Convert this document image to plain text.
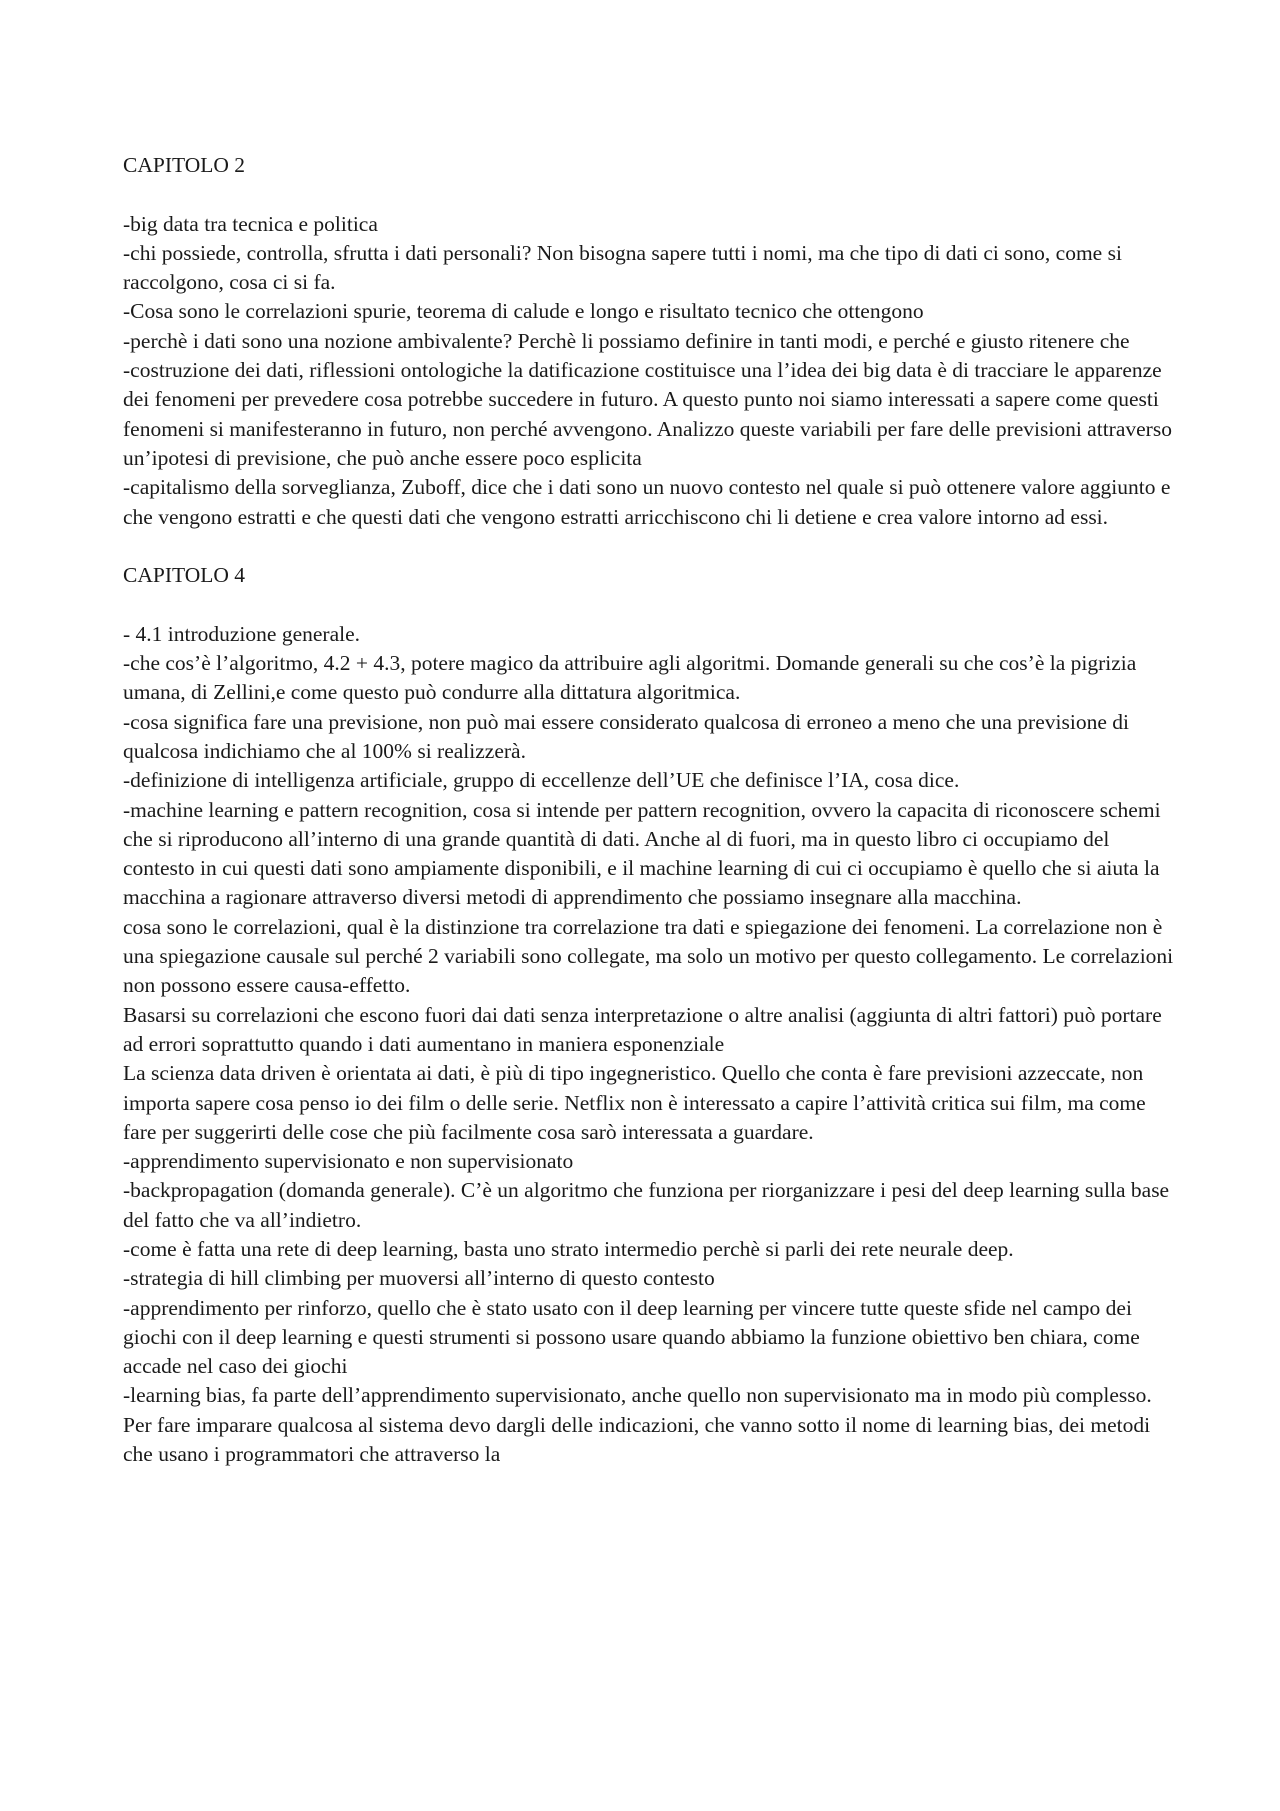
CAPITOLO 2

-big data tra tecnica e politica

-chi possiede, controlla, sfrutta i dati personali? Non bisogna sapere tutti i nomi, ma che tipo di dati ci sono, come si raccolgono, cosa ci si fa.

-Cosa sono le correlazioni spurie, teorema di calude e longo e risultato tecnico che ottengono

-perchè i dati sono una nozione ambivalente? Perchè li possiamo definire in tanti modi, e perché e giusto ritenere che

-costruzione dei dati, riflessioni ontologiche la datificazione costituisce una l’idea dei big data è di tracciare le apparenze dei fenomeni per prevedere cosa potrebbe succedere in futuro. A questo punto noi siamo interessati a sapere come questi fenomeni si manifesteranno in futuro, non perché avvengono. Analizzo queste variabili per fare delle previsioni attraverso un’ipotesi di previsione, che può anche essere poco esplicita

-capitalismo della sorveglianza, Zuboff, dice che i dati sono un nuovo contesto nel quale si può ottenere valore aggiunto e che vengono estratti e che questi dati che vengono estratti arricchiscono chi li detiene e crea valore intorno ad essi.

CAPITOLO 4

- 4.1 introduzione generale.

-che cos’è l’algoritmo, 4.2 + 4.3, potere magico da attribuire agli algoritmi. Domande generali su che cos’è la pigrizia umana, di Zellini,e come questo può condurre alla dittatura algoritmica.

-cosa significa fare una previsione, non può mai essere considerato qualcosa di erroneo a meno che una previsione di qualcosa indichiamo che al 100% si realizzerà.

-definizione di intelligenza artificiale, gruppo di eccellenze dell’UE che definisce l’IA, cosa dice.

-machine learning e pattern recognition, cosa si intende per pattern recognition, ovvero la capacita di riconoscere schemi che si riproducono all’interno di una grande quantità di dati. Anche al di fuori, ma in questo libro ci occupiamo del contesto in cui questi dati sono ampiamente disponibili, e il machine learning di cui ci occupiamo è quello che si aiuta la macchina a ragionare attraverso diversi metodi di apprendimento che possiamo insegnare alla macchina.

cosa sono le correlazioni, qual è la distinzione tra correlazione tra dati e spiegazione dei fenomeni. La correlazione non è una spiegazione causale sul perché 2 variabili sono collegate, ma solo un motivo per questo collegamento. Le correlazioni non possono essere causa-effetto.

Basarsi su correlazioni che escono fuori dai dati senza interpretazione o altre analisi (aggiunta di altri fattori) può portare ad errori soprattutto quando i dati aumentano in maniera esponenziale

La scienza data driven è orientata ai dati, è più di tipo ingegneristico. Quello che conta è fare previsioni azzeccate, non importa sapere cosa penso io dei film o delle serie. Netflix non è interessato a capire l’attività critica sui film, ma come fare per suggerirti delle cose che più facilmente cosa sarò interessata a guardare.

-apprendimento supervisionato e non supervisionato

-backpropagation (domanda generale). C’è un algoritmo che funziona per riorganizzare i pesi del deep learning sulla base del fatto che va all’indietro.

-come è fatta una rete di deep learning, basta uno strato intermedio perchè si parli dei rete neurale deep.

-strategia di hill climbing per muoversi all’interno di questo contesto

-apprendimento per rinforzo, quello che è stato usato con il deep learning per vincere tutte queste sfide nel campo dei giochi con il deep learning e questi strumenti si possono usare quando abbiamo la funzione obiettivo ben chiara, come accade nel caso dei giochi

-learning bias, fa parte dell’apprendimento supervisionato, anche quello non supervisionato ma in modo più complesso. Per fare imparare qualcosa al sistema devo dargli delle indicazioni, che vanno sotto il nome di learning bias, dei metodi che usano i programmatori che attraverso la
